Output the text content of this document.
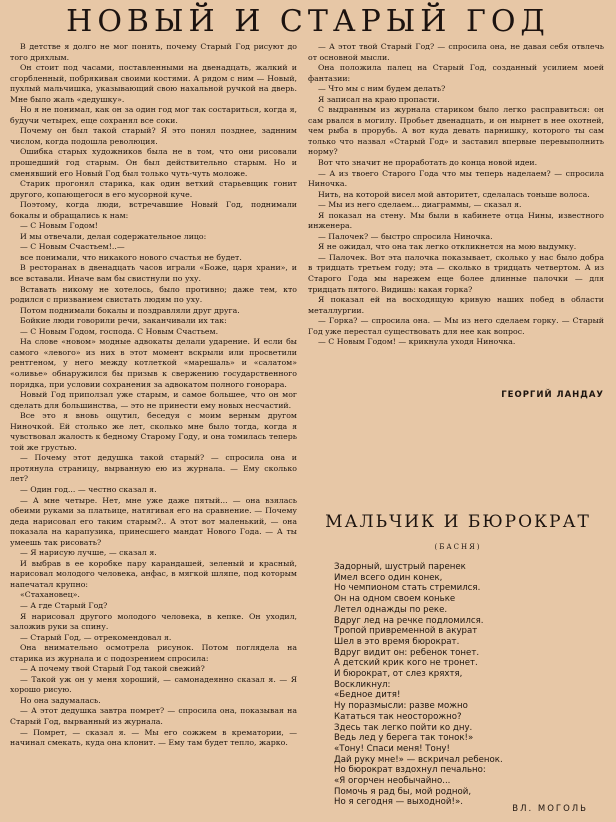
НОВЫЙ И СТАРЫЙ ГОД

В детстве я долго не мог понять, почему Старый Год рисуют до того дряхлым.

Он стоит под часами, поставленными на двенадцать, жалкий и сгорбленный, побрякивая своими костями. А рядом с ним — Новый, пухлый мальчишка, указывающий свою нахальной ручкой на дверь. Мне было жаль «дедушку».

Но я не понимал, как он за один год мог так состариться, когда я, будучи четырех, еще сохранял все соки.

Почему он был такой старый? Я это понял позднее, заднним числом, когда подошла революция.

Ошибка старых художников была не в том, что они рисовали прошедший год старым. Он был действительно старым. Но и сменявший его Новый Год был только чуть-чуть моложе.

Старик прогонял старика, как один ветхий старьевщик гонит другого, копающегося в его мусорной куче.

Поэтому, когда люди, встречавшие Новый Год, поднимали бокалы и обращались к нам:

— С Новым Годом!

И мы отвечали, делая содержательное лицо:

— С Новым Счастьем!..—

все понимали, что никакого нового счастья не будет.

В ресторанах в двенадцать часов играли «Боже, царя храни», и все вставали. Иначе вам бы свистнули по уху.

Вставать никому не хотелось, было противно; даже тем, кто родился с призванием свистать людям по уху.

Потом поднимали бокалы и поздравляли друг друга.

Бойкие люди говорили речи, заканчивали их так:

— С Новым Годом, господа. С Новым Счастьем.

На слове «новом» модные адвокаты делали ударение. И если бы самого «левого» из них в этот момент вскрыли или просветили рентгеном, у него между котлеткой «марешаль» и «салатом» «оливье» обнаружился бы призыв к свержению государственного порядка, при условии сохранения за адвокатом полного гонорара.

Новый Год приползал уже старым, и самое большее, что он мог сделать для большинства, — это не принести ему новых несчастий.

Все это я вновь ощутил, беседуя с моим верным другом Ниночкой. Ей столько же лет, сколько мне было тогда, когда я чувствовал жалость к бедному Старому Году, и она томилась теперь той же грустью.

— Почему этот дедушка такой старый? — спросила она и протянула страницу, вырванную ею из журнала. — Ему сколько лет?

— Один год... — честно сказал я.

— А мне четыре. Нет, мне уже даже пятый... — она взялась обеими руками за платьице, натягивая его на сравнение. — Почему деда нарисовал его таким старым?.. А этот вот маленький, — она показала на карапузика, принесшего мандат Нового Года. — А ты умеешь так рисовать?

— Я нарисую лучше, — сказал я.

И выбрав в ее коробке пару карандашей, зеленый и красный, нарисовал молодого человека, анфас, в мягкой шляпе, под которым напечатал крупно:

«Стахановец».

— А где Старый Год?

Я нарисовал другого молодого человека, в кепке. Он уходил, заложив руки за спину.

— Старый Год, — отрекомендовал я.

Она внимательно осмотрела рисунок. Потом поглядела на старика из журнала и с подозрением спросила:

— А почему твой Старый Год такой свежий?

— Такой уж он у меня хороший, — самонадеянно сказал я. — Я хорошо рисую.

Но она задумалась.

— А этот дедушка завтра помрет? — спросила она, показывая на Старый Год, вырванный из журнала.

— Помрет, — сказал я. — Мы его сожжем в крематории, — начинал смекать, куда она клонит. — Ему там будет тепло, жарко.

— А этот твой Старый Год? — спросила она, не давая себя отвлечь от основной мысли.

Она положила палец на Старый Год, созданный усилием моей фантазии:

— Что мы с ним будем делать?

Я записал на краю пропасти.

С выдранным из журнала стариком было легко расправиться: он сам рвался в могилу. Пробьет двенадцать, и он нырнет в нее охотней, чем рыба в прорубь. А вот куда девать парнишку, которого ты сам только что назвал «Старый Год» и заставил впервые перевыполнить норму?

Вот что значит не проработать до конца новой идеи.

— А из твоего Старого Года что мы теперь наделаем? — спросила Ниночка.

Нить, на которой висел мой авторитет, сделалась тоньше волоса.

— Мы из него сделаем... диаграммы, — сказал я.

Я показал на стену. Мы были в кабинете отца Нины, известного инженера.

— Палочек? — быстро спросила Ниночка.

Я не ожидал, что она так легко откликнется на мою выдумку.

— Палочек. Вот эта палочка показывает, сколько у нас было добра в тридцать третьем году; эта — сколько в тридцать четвертом. А из Старого Года мы нарежем еще более длинные палочки — для тридцать пятого. Видишь: какая горка?

Я показал ей на восходящую кривую наших побед в области металлургии.

— Горка? — спросила она. — Мы из него сделаем горку. — Старый Год уже перестал существовать для нее как вопрос.

— С Новым Годом! — крикнула уходя Ниночка.

ГЕОРГИЙ ЛАНДАУ
МАЛЬЧИК И БЮРОКРАТ
(БАСНЯ)
Задорный, шустрый паренек
Имел всего один конек,
Но чемпионом стать стремился.
Он на одном своем коньке
Летел однажды по реке.
Вдруг лед на речке подломился.
Тропой привременной в акурат
Шел в это время бюрократ.
Вдруг видит он: ребенок тонет.
А детский крик кого не тронет.
И бюрократ, от слез кряхтя,
Воскликнул:
«Бедное дитя!
Ну поразмысли: разве можно
Кататься так неосторожно?
Здесь так легко пойти ко дну.
Ведь лед у берега так тонок!»
«Тону! Спаси меня! Тону!
Дай руку мне!» — вскричал ребенок.
Но бюрократ вздохнул печально:
«Я огорчен необычайно...
Помочь я рад бы, мой родной,
Но я сегодня — выходной!».
ВЛ. МОГОЛЬ
